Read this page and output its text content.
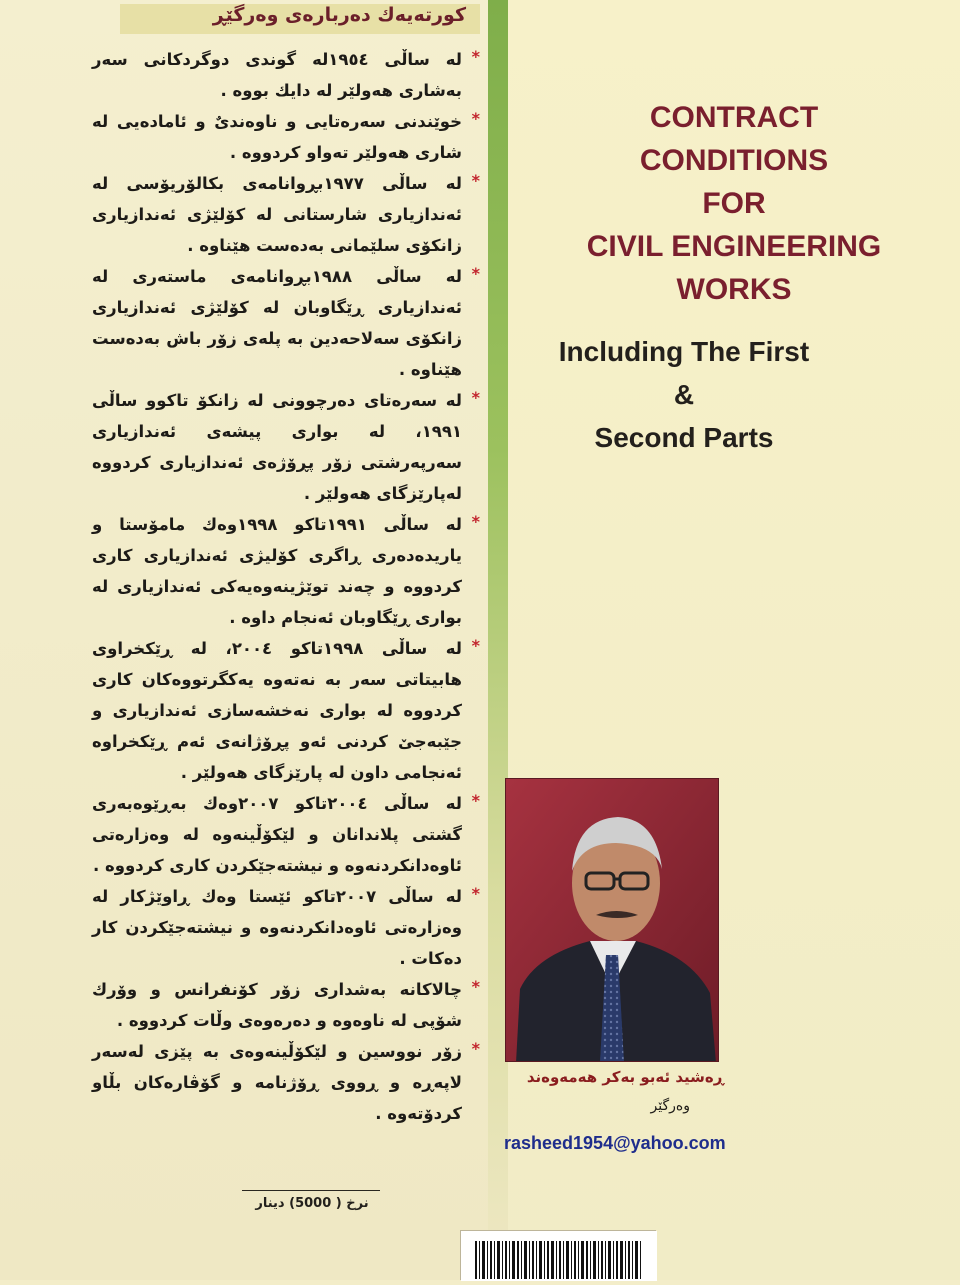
کورتەیەك دەربارەی وەرگێڕ
*
لە ساڵی ١٩٥٤لە گوندی دوگردکانی سەر بەشاری هەولێر لە دایك بووە .
*
خوێندنی سەرەتایی و ناوەندیٌ و ئامادەیی لە شاری هەولێر تەواو کردووە .
*
لە ساڵی ١٩٧٧بڕوانامەی بکالۆریۆسی لە ئەندازیاری شارستانی لە کۆلێژی ئەندازیاری زانکۆی سلێمانی بەدەست هێناوە .
*
لە ساڵی ١٩٨٨بڕوانامەی ماستەری لە ئەندازیاری ڕێگاوبان لە کۆلێژی ئەندازیاری زانکۆی سەلاحەدین بە پلەی زۆر باش بەدەست هێناوە .
*
لە سەرەتای دەرچوونی لە زانکۆ تاکوو ساڵی ١٩٩١، لە بواری پیشەی ئەندازیاری سەرپەرشتی زۆر پڕۆژەی ئەندازیاری کردووە لەپارێزگای هەولێر .
*
لە ساڵی ١٩٩١تاکو ١٩٩٨وەك مامۆستا و یاریدەدەری ڕاگری کۆلیژی ئەندازیاری کاری کردووە و چەند توێژینەوەیەکی ئەندازیاری لە بواری ڕێگاوبان ئەنجام داوە .
*
لە ساڵی ١٩٩٨تاکو ٢٠٠٤، لە ڕێکخراوی هابیتاتی سەر بە نەتەوە یەکگرتووەکان کاری کردووە لە بواری نەخشەسازی ئەندازیاری و جێبەجێ کردنی ئەو پڕۆژانەی ئەم ڕێکخراوە ئەنجامی داون لە پارێزگای هەولێر .
*
لە ساڵی ٢٠٠٤تاکو ٢٠٠٧وەك بەڕێوەبەری گشتی پلاندانان و لێکۆڵینەوە لە وەزارەتی ئاوەدانکردنەوە و نیشتەجێکردن کاری کردووە .
*
لە ساڵی ٢٠٠٧تاکو ئێستا وەك ڕاوێژکار لە وەزارەتی ئاوەدانکردنەوە و نیشتەجێکردن کار دەکات .
*
چالاکانە بەشداری زۆر کۆنفرانس و وۆرك شۆپی لە ناوەوە و دەرەوەی وڵات کردووە .
*
زۆر نووسین و لێکۆڵینەوەی بە پێزی لەسەر لاپەڕە و ڕووی ڕۆژنامە و گۆڤارەکان بڵاو کردۆتەوە .
CONTRACT
CONDITIONS
FOR
CIVIL ENGINEERING
WORKS
Including The First
&
Second Parts
ڕەشید ئەبو بەکر هەمەوەند
وەرگێر
rasheed1954@yahoo.com
نرخ ( 5000) دینار
